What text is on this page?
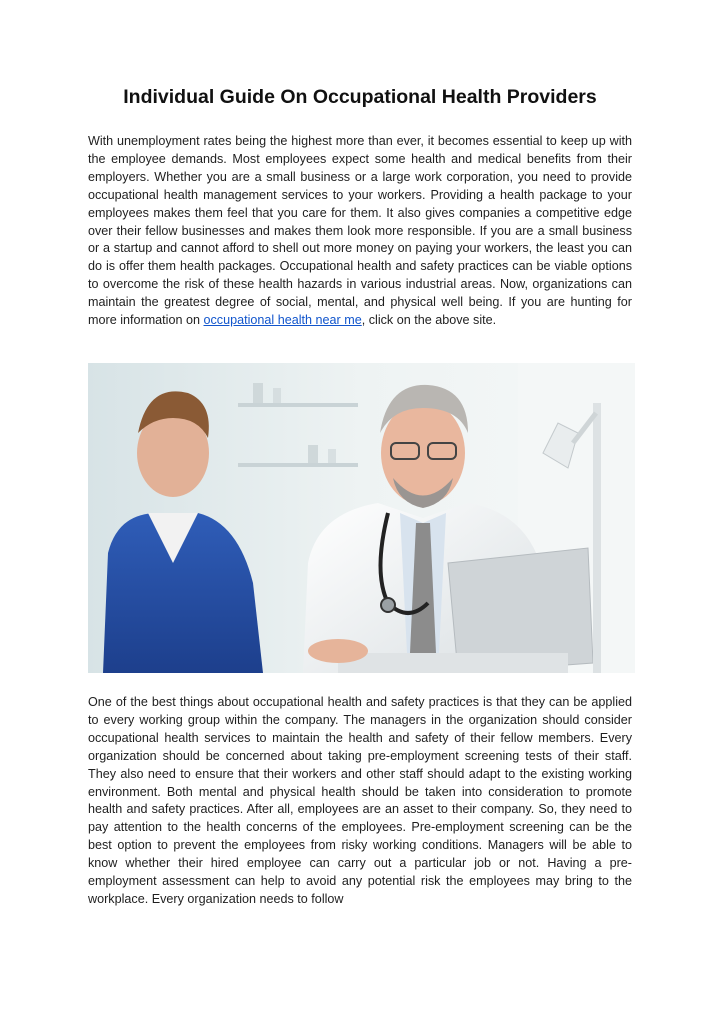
Individual Guide On Occupational Health Providers

With unemployment rates being the highest more than ever, it becomes essential to keep up with the employee demands. Most employees expect some health and medical benefits from their employers. Whether you are a small business or a large work corporation, you need to provide occupational health management services to your workers. Providing a health package to your employees makes them feel that you care for them. It also gives companies a competitive edge over their fellow businesses and makes them look more responsible. If you are a small business or a startup and cannot afford to shell out more money on paying your workers, the least you can do is offer them health packages. Occupational health and safety practices can be viable options to overcome the risk of these health hazards in various industrial areas. Now, organizations can maintain the greatest degree of social, mental, and physical well being. If you are hunting for more information on occupational health near me, click on the above site.

One of the best things about occupational health and safety practices is that they can be applied to every working group within the company. The managers in the organization should consider occupational health services to maintain the health and safety of their fellow members. Every organization should be concerned about taking pre-employment screening tests of their staff. They also need to ensure that their workers and other staff should adapt to the existing working environment. Both mental and physical health should be taken into consideration to promote health and safety practices. After all, employees are an asset to their company. So, they need to pay attention to the health concerns of the employees. Pre-employment screening can be the best option to prevent the employees from risky working conditions. Managers will be able to know whether their hired employee can carry out a particular job or not. Having a pre-employment assessment can help to avoid any potential risk the employees may bring to the workplace. Every organization needs to follow
